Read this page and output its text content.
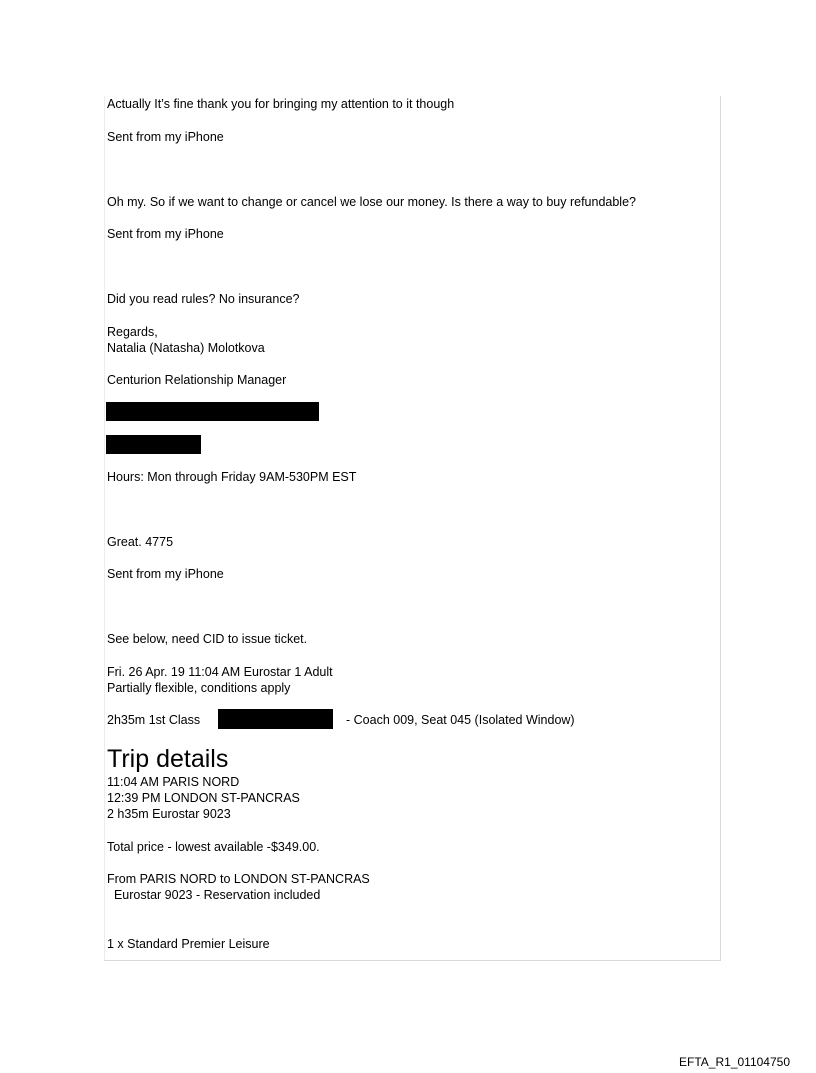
Actually It’s fine thank you for bringing my attention to it though
Sent from my iPhone
Oh my. So if we want to change or cancel we lose our money. Is there a way to buy refundable?
Sent from my iPhone
Did you read rules? No insurance?
Regards,
Natalia (Natasha) Molotkova
Centurion Relationship Manager
Hours: Mon through Friday 9AM-530PM EST
Great. 4775
Sent from my iPhone
See below, need CID to issue ticket.
Fri. 26 Apr. 19 11:04 AM Eurostar 1 Adult
Partially flexible, conditions apply
2h35m 1st Class	- Coach 009, Seat 045 (Isolated Window)
Trip details
11:04 AM PARIS NORD
12:39 PM LONDON ST-PANCRAS
2 h35m Eurostar 9023
Total price - lowest available -$349.00.
From PARIS NORD to LONDON ST-PANCRAS
Eurostar 9023 - Reservation included
1 x Standard Premier Leisure
EFTA_R1_01104750
